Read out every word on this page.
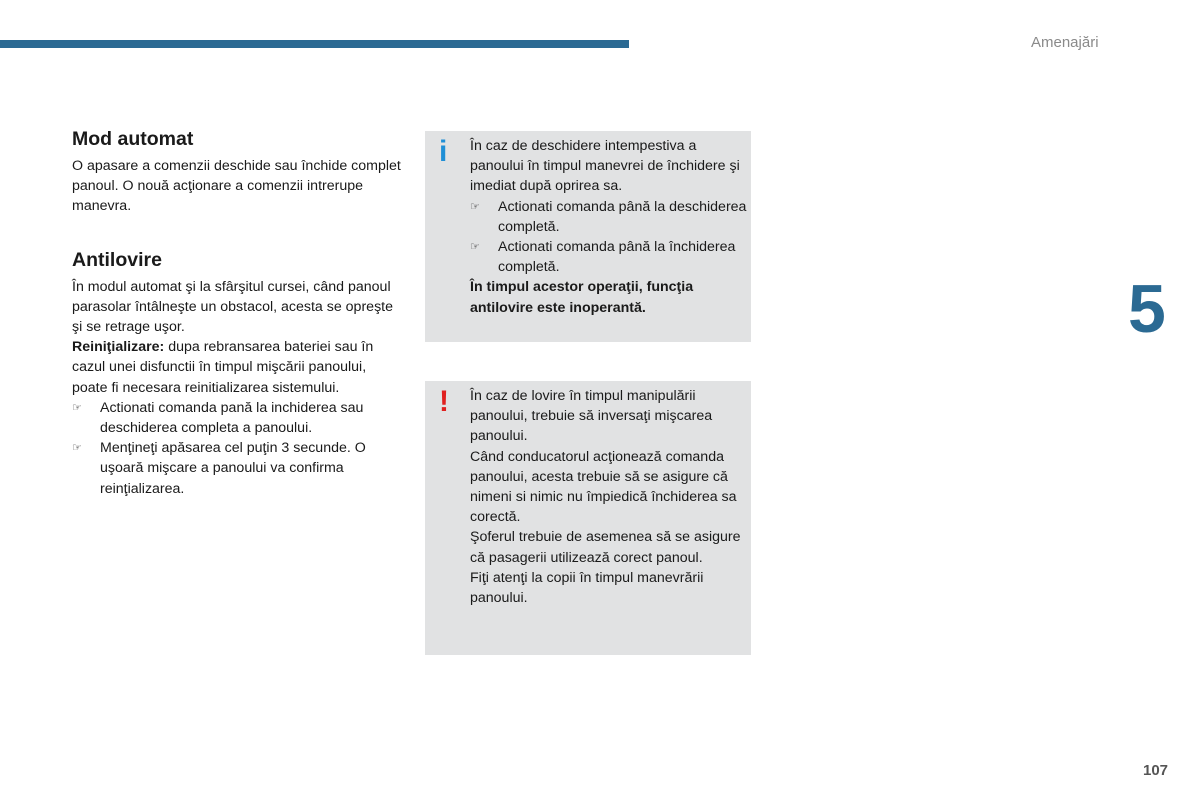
Amenajări
5
107
Mod automat

O apasare a comenzii deschide sau închide complet panoul. O nouă acţionare a comenzii intrerupe manevra.

Antilovire

În modul automat şi la sfârşitul cursei, când panoul parasolar întâlneşte un obstacol, acesta se opreşte şi se retrage uşor.

Reiniţializare: dupa rebransarea bateriei sau în cazul unei disfunctii în timpul mişcării panoului, poate fi necesara reinitializarea sistemului.

☞ Actionati comanda pană la inchiderea sau deschiderea completa a panoului.
☞ Menţineţi apăsarea cel puţin 3 secunde. O uşoară mişcare a panoului va confirma reinţializarea.
i În caz de deschidere intempestiva a panoului în timpul manevrei de închidere şi imediat după oprirea sa.

☞ Actionati comanda până la deschiderea completă.
☞ Actionati comanda până la închiderea completă.

În timpul acestor operaţii, funcţia antilovire este inoperantă.

! În caz de lovire în timpul manipulării panoului, trebuie să inversaţi mişcarea panoului.

Când conducatorul acţionează comanda panoului, acesta trebuie să se asigure că nimeni si nimic nu împiedică închiderea sa corectă.

Şoferul trebuie de asemenea să se asigure că pasagerii utilizează corect panoul.

Fiţi atenţi la copii în timpul manevrării panoului.
